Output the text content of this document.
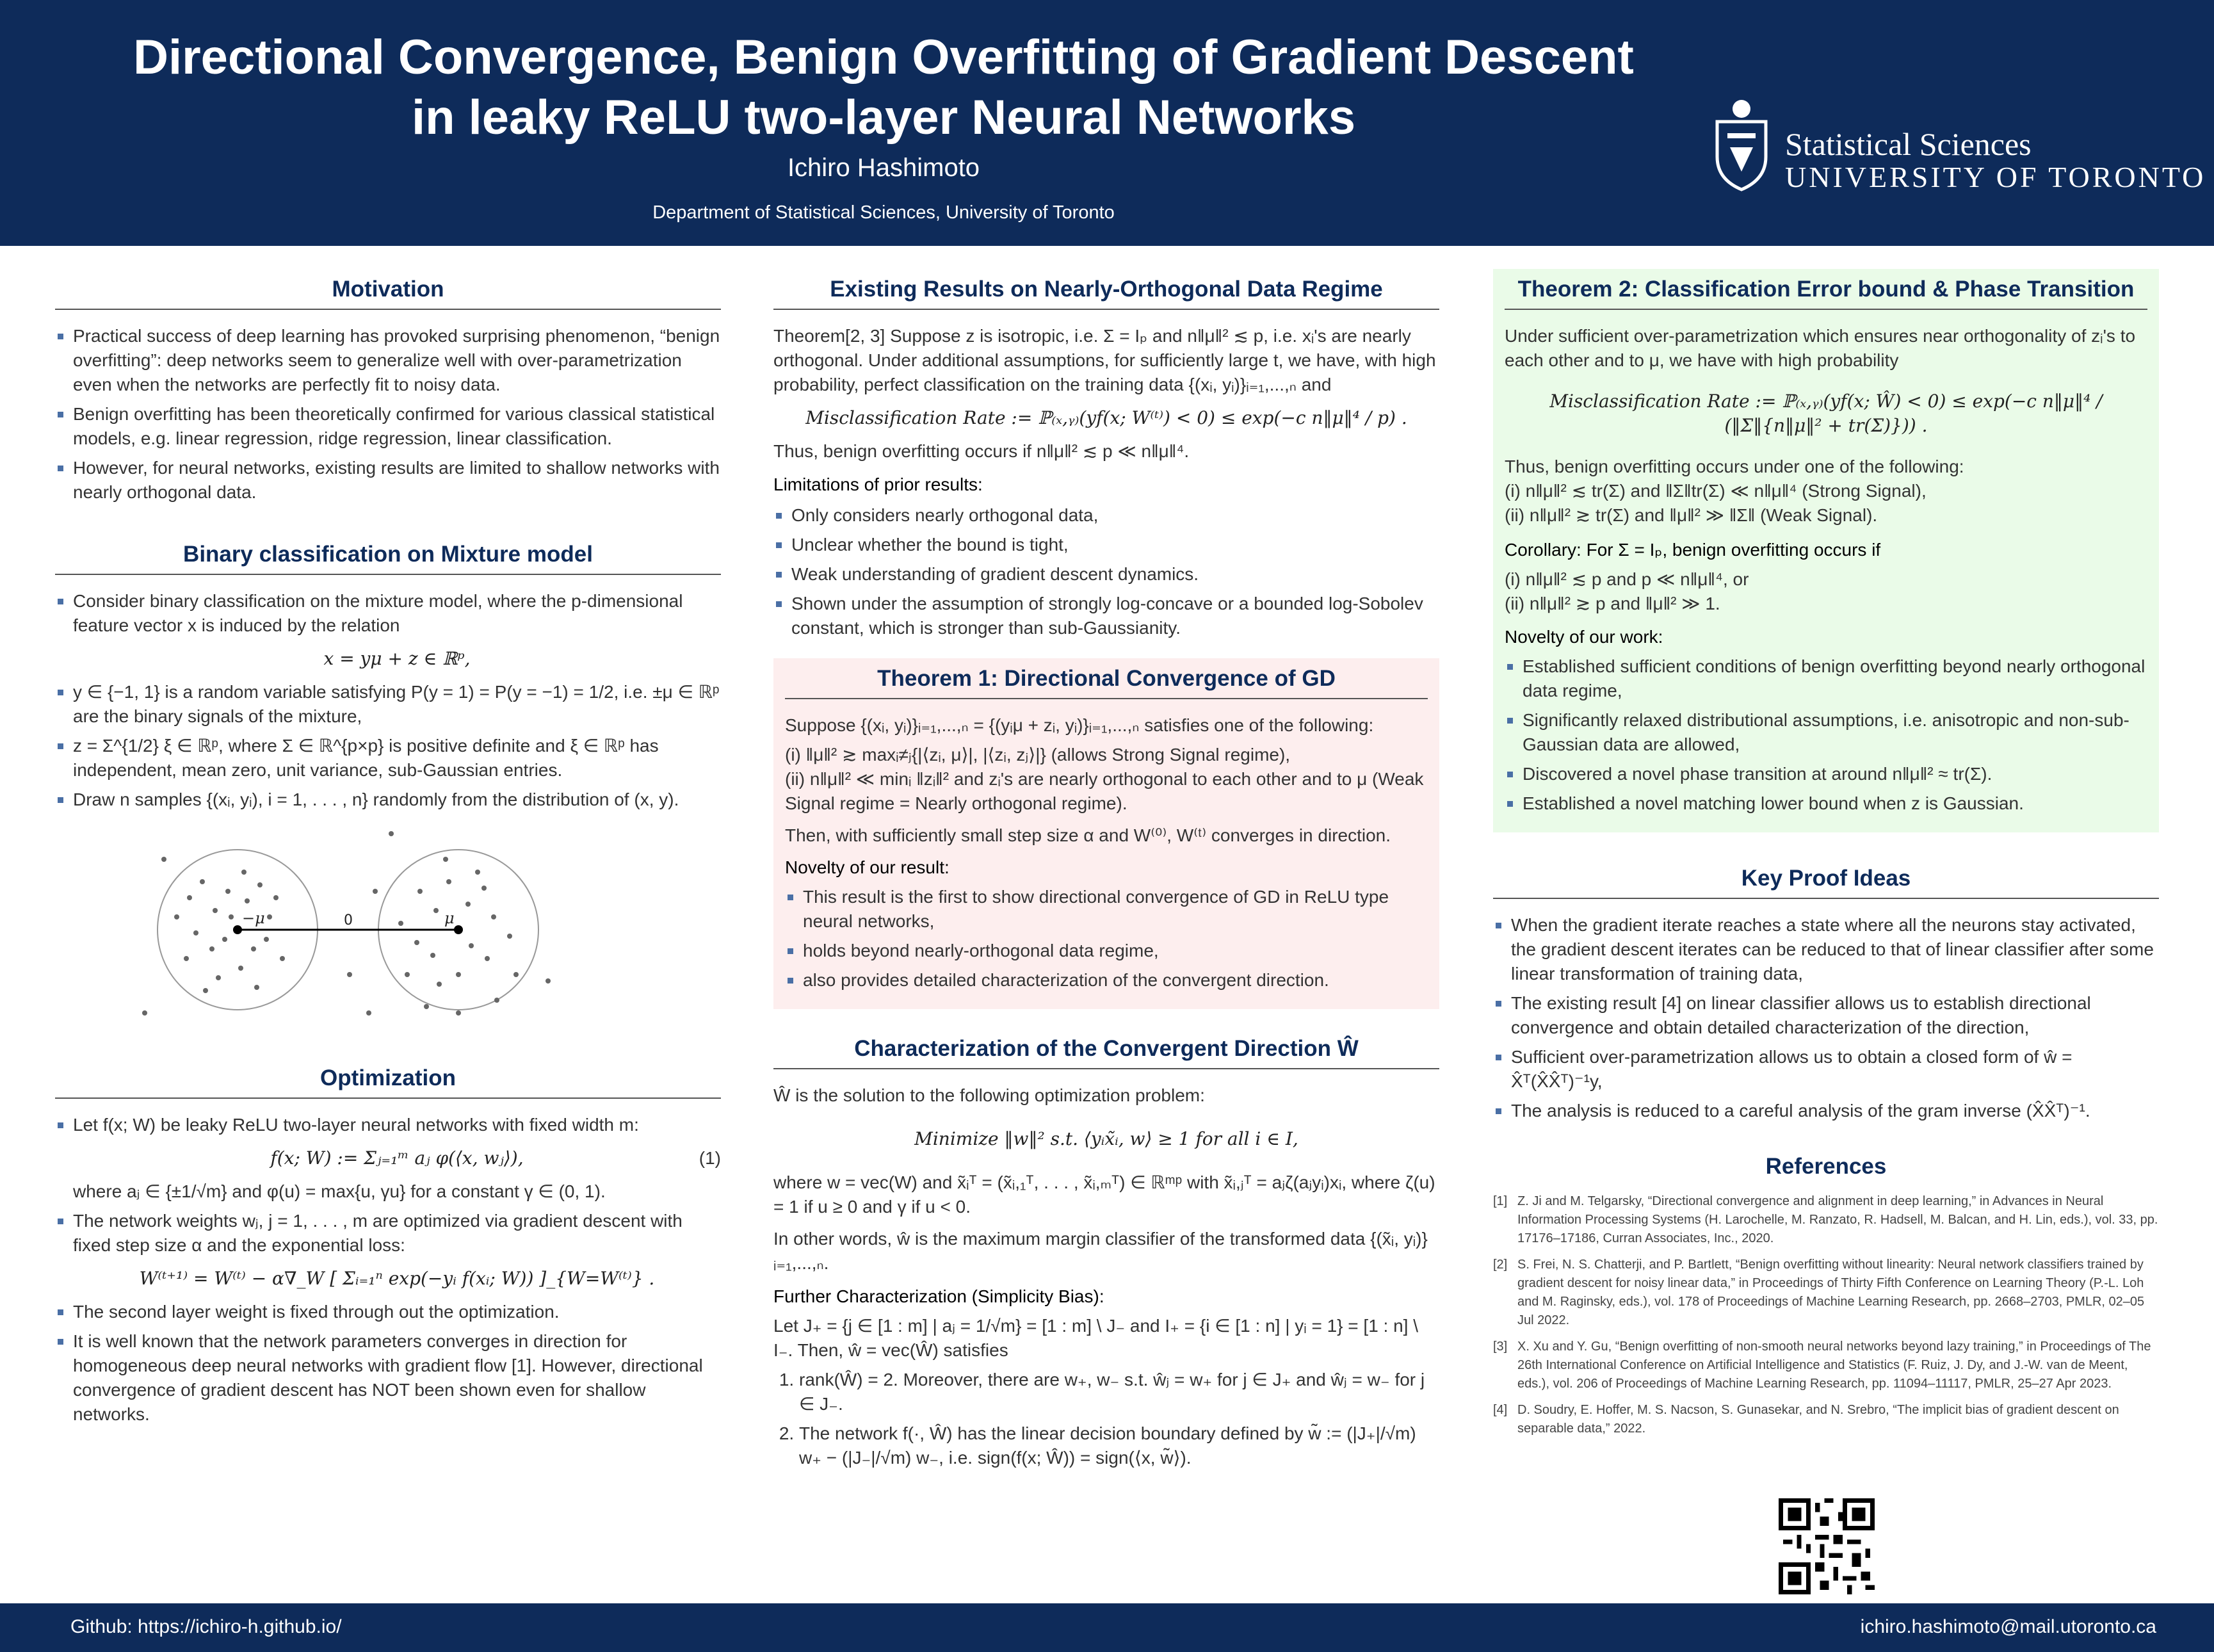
Directional Convergence, Benign Overfitting of Gradient Descent
in leaky ReLU two-layer Neural Networks
Ichiro Hashimoto
Department of Statistical Sciences, University of Toronto
Statistical Sciences
UNIVERSITY OF TORONTO
Motivation
Practical success of deep learning has provoked surprising phenomenon, “benign overfitting”: deep networks seem to generalize well with over-parametrization even when the networks are perfectly fit to noisy data.
Benign overfitting has been theoretically confirmed for various classical statistical models, e.g. linear regression, ridge regression, linear classification.
However, for neural networks, existing results are limited to shallow networks with nearly orthogonal data.
Binary classification on Mixture model
Consider binary classification on the mixture model, where the p-dimensional feature vector x is induced by the relation
x = yμ + z ∈ ℝᵖ,
y ∈ {−1, 1} is a random variable satisfying P(y = 1) = P(y = −1) = 1/2, i.e. ±μ ∈ ℝᵖ are the binary signals of the mixture,
z = Σ^{1/2} ξ ∈ ℝᵖ, where Σ ∈ ℝ^{p×p} is positive definite and ξ ∈ ℝᵖ has independent, mean zero, unit variance, sub-Gaussian entries.
Draw n samples {(xᵢ, yᵢ), i = 1, . . . , n} randomly from the distribution of (x, y).
−μ	0	μ
Optimization
Let f(x; W) be leaky ReLU two-layer neural networks with fixed width m:
f(x; W) := Σⱼ₌₁ᵐ aⱼ φ(⟨x, wⱼ⟩),	(1)
where aⱼ ∈ {±1/√m} and φ(u) = max{u, γu} for a constant γ ∈ (0, 1).
The network weights wⱼ, j = 1, . . . , m are optimized via gradient descent with fixed step size α and the exponential loss:
W⁽ᵗ⁺¹⁾ = W⁽ᵗ⁾ − α∇_W [ Σᵢ₌₁ⁿ exp(−yᵢ f(xᵢ; W)) ]_{W=W⁽ᵗ⁾} .
The second layer weight is fixed through out the optimization.
It is well known that the network parameters converges in direction for homogeneous deep neural networks with gradient flow [1]. However, directional convergence of gradient descent has NOT been shown even for shallow networks.
Existing Results on Nearly-Orthogonal Data Regime
Theorem[2, 3] Suppose z is isotropic, i.e. Σ = Iₚ and n‖μ‖² ≲ p, i.e. xᵢ's are nearly orthogonal. Under additional assumptions, for sufficiently large t, we have, with high probability, perfect classification on the training data {(xᵢ, yᵢ)}ᵢ₌₁,...,ₙ and
Misclassification Rate := ℙ₍ₓ,ᵧ₎(yf(x; W⁽ᵗ⁾) < 0) ≤ exp(−c n‖μ‖⁴ / p) .
Thus, benign overfitting occurs if n‖μ‖² ≲ p ≪ n‖μ‖⁴.
Limitations of prior results:
Only considers nearly orthogonal data,
Unclear whether the bound is tight,
Weak understanding of gradient descent dynamics.
Shown under the assumption of strongly log-concave or a bounded log-Sobolev constant, which is stronger than sub-Gaussianity.
Theorem 1: Directional Convergence of GD
Suppose {(xᵢ, yᵢ)}ᵢ₌₁,...,ₙ = {(yᵢμ + zᵢ, yᵢ)}ᵢ₌₁,...,ₙ satisfies one of the following:
(i) ‖μ‖² ≳ maxᵢ≠ⱼ{|⟨zᵢ, μ⟩|, |⟨zᵢ, zⱼ⟩|} (allows Strong Signal regime),
(ii) n‖μ‖² ≪ minᵢ ‖zᵢ‖² and zᵢ's are nearly orthogonal to each other and to μ (Weak Signal regime = Nearly orthogonal regime).
Then, with sufficiently small step size α and W⁽⁰⁾, W⁽ᵗ⁾ converges in direction.
Novelty of our result:
This result is the first to show directional convergence of GD in ReLU type neural networks,
holds beyond nearly-orthogonal data regime,
also provides detailed characterization of the convergent direction.
Characterization of the Convergent Direction Ŵ
Ŵ is the solution to the following optimization problem:
Minimize ‖w‖² s.t. ⟨yᵢx̃ᵢ, w⟩ ≥ 1 for all i ∈ I,
where w = vec(W) and x̃ᵢᵀ = (x̃ᵢ,₁ᵀ, . . . , x̃ᵢ,ₘᵀ) ∈ ℝᵐᵖ with x̃ᵢ,ⱼᵀ = aⱼζ(aⱼyᵢ)xᵢ, where ζ(u) = 1 if u ≥ 0 and γ if u < 0.
In other words, ŵ is the maximum margin classifier of the transformed data {(x̃ᵢ, yᵢ)}ᵢ₌₁,...,ₙ.
Further Characterization (Simplicity Bias):
Let J₊ = {j ∈ [1 : m] | aⱼ = 1/√m} = [1 : m] \ J₋ and I₊ = {i ∈ [1 : n] | yᵢ = 1} = [1 : n] \ I₋. Then, ŵ = vec(Ŵ) satisfies
1. rank(Ŵ) = 2. Moreover, there are w₊, w₋ s.t. ŵⱼ = w₊ for j ∈ J₊ and ŵⱼ = w₋ for j ∈ J₋.
2. The network f(·, Ŵ) has the linear decision boundary defined by w̃ := (|J₊|/√m) w₊ − (|J₋|/√m) w₋, i.e. sign(f(x; Ŵ)) = sign(⟨x, w̃⟩).
Theorem 2: Classification Error bound & Phase Transition
Under sufficient over-parametrization which ensures near orthogonality of zᵢ's to each other and to μ, we have with high probability
Misclassification Rate := ℙ₍ₓ,ᵧ₎(yf(x; Ŵ) < 0) ≤ exp(−c n‖μ‖⁴ / (‖Σ‖{n‖μ‖² + tr(Σ)})) .
Thus, benign overfitting occurs under one of the following:
(i) n‖μ‖² ≲ tr(Σ) and ‖Σ‖tr(Σ) ≪ n‖μ‖⁴ (Strong Signal),
(ii) n‖μ‖² ≳ tr(Σ) and ‖μ‖² ≫ ‖Σ‖ (Weak Signal).
Corollary: For Σ = Iₚ, benign overfitting occurs if
(i) n‖μ‖² ≲ p and p ≪ n‖μ‖⁴, or
(ii) n‖μ‖² ≳ p and ‖μ‖² ≫ 1.
Novelty of our work:
Established sufficient conditions of benign overfitting beyond nearly orthogonal data regime,
Significantly relaxed distributional assumptions, i.e. anisotropic and non-sub-Gaussian data are allowed,
Discovered a novel phase transition at around n‖μ‖² ≈ tr(Σ).
Established a novel matching lower bound when z is Gaussian.
Key Proof Ideas
When the gradient iterate reaches a state where all the neurons stay activated, the gradient descent iterates can be reduced to that of linear classifier after some linear transformation of training data,
The existing result [4] on linear classifier allows us to establish directional convergence and obtain detailed characterization of the direction,
Sufficient over-parametrization allows us to obtain a closed form of ŵ = X̂ᵀ(X̂X̂ᵀ)⁻¹y,
The analysis is reduced to a careful analysis of the gram inverse (X̂X̂ᵀ)⁻¹.
References
[1] Z. Ji and M. Telgarsky, “Directional convergence and alignment in deep learning,” in Advances in Neural Information Processing Systems (H. Larochelle, M. Ranzato, R. Hadsell, M. Balcan, and H. Lin, eds.), vol. 33, pp. 17176–17186, Curran Associates, Inc., 2020.
[2] S. Frei, N. S. Chatterji, and P. Bartlett, “Benign overfitting without linearity: Neural network classifiers trained by gradient descent for noisy linear data,” in Proceedings of Thirty Fifth Conference on Learning Theory (P.-L. Loh and M. Raginsky, eds.), vol. 178 of Proceedings of Machine Learning Research, pp. 2668–2703, PMLR, 02–05 Jul 2022.
[3] X. Xu and Y. Gu, “Benign overfitting of non-smooth neural networks beyond lazy training,” in Proceedings of The 26th International Conference on Artificial Intelligence and Statistics (F. Ruiz, J. Dy, and J.-W. van de Meent, eds.), vol. 206 of Proceedings of Machine Learning Research, pp. 11094–11117, PMLR, 25–27 Apr 2023.
[4] D. Soudry, E. Hoffer, M. S. Nacson, S. Gunasekar, and N. Srebro, “The implicit bias of gradient descent on separable data,” 2022.
Github: https://ichiro-h.github.io/	ichiro.hashimoto@mail.utoronto.ca
